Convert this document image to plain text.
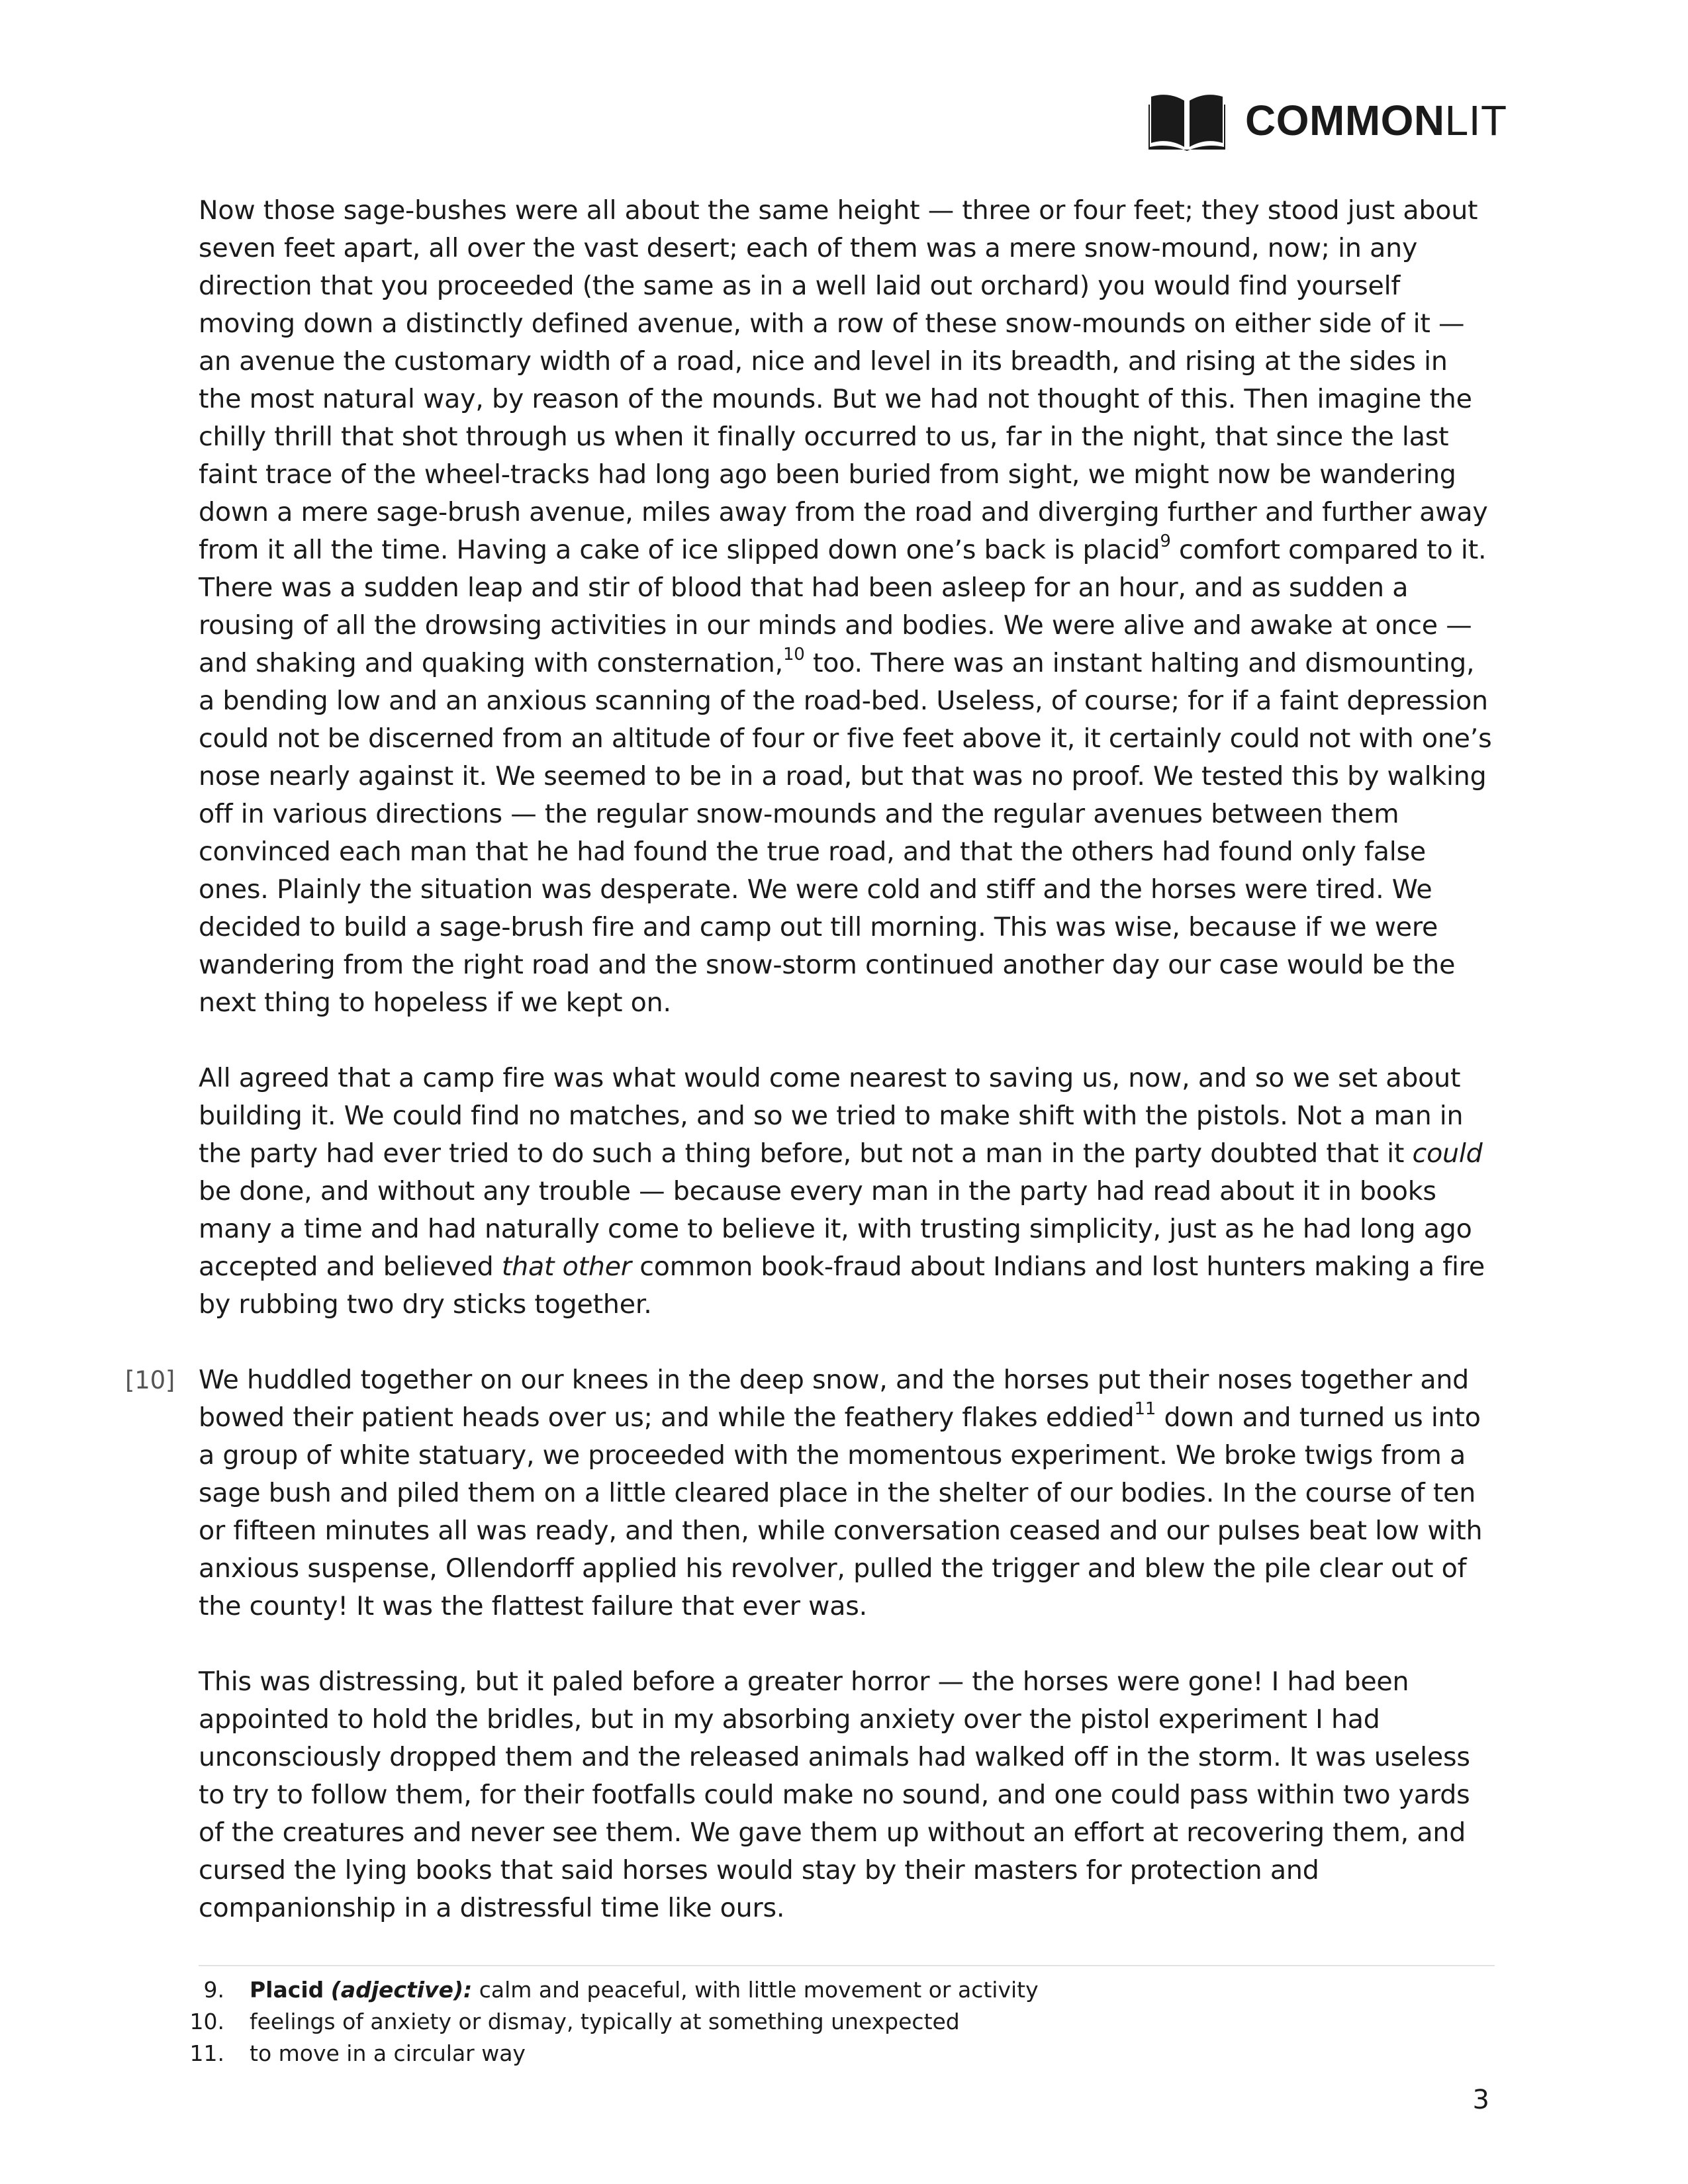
COMMONLIT

Now those sage-bushes were all about the same height — three or four feet; they stood just about seven feet apart, all over the vast desert; each of them was a mere snow-mound, now; in any direction that you proceeded (the same as in a well laid out orchard) you would find yourself moving down a distinctly defined avenue, with a row of these snow-mounds on either side of it — an avenue the customary width of a road, nice and level in its breadth, and rising at the sides in the most natural way, by reason of the mounds. But we had not thought of this. Then imagine the chilly thrill that shot through us when it finally occurred to us, far in the night, that since the last faint trace of the wheel-tracks had long ago been buried from sight, we might now be wandering down a mere sage-brush avenue, miles away from the road and diverging further and further away from it all the time. Having a cake of ice slipped down one’s back is placid$^9$ comfort compared to it. There was a sudden leap and stir of blood that had been asleep for an hour, and as sudden a rousing of all the drowsing activities in our minds and bodies. We were alive and awake at once — and shaking and quaking with consternation,$^{10}$ too. There was an instant halting and dismounting, a bending low and an anxious scanning of the road-bed. Useless, of course; for if a faint depression could not be discerned from an altitude of four or five feet above it, it certainly could not with one’s nose nearly against it. We seemed to be in a road, but that was no proof. We tested this by walking off in various directions — the regular snow-mounds and the regular avenues between them convinced each man that he had found the true road, and that the others had found only false ones. Plainly the situation was desperate. We were cold and stiff and the horses were tired. We decided to build a sage-brush fire and camp out till morning. This was wise, because if we were wandering from the right road and the snow-storm continued another day our case would be the next thing to hopeless if we kept on.

All agreed that a camp fire was what would come nearest to saving us, now, and so we set about building it. We could find no matches, and so we tried to make shift with the pistols. Not a man in the party had ever tried to do such a thing before, but not a man in the party doubted that it could be done, and without any trouble — because every man in the party had read about it in books many a time and had naturally come to believe it, with trusting simplicity, just as he had long ago accepted and believed that other common book-fraud about Indians and lost hunters making a fire by rubbing two dry sticks together.

[10] We huddled together on our knees in the deep snow, and the horses put their noses together and bowed their patient heads over us; and while the feathery flakes eddied$^{11}$ down and turned us into a group of white statuary, we proceeded with the momentous experiment. We broke twigs from a sage bush and piled them on a little cleared place in the shelter of our bodies. In the course of ten or fifteen minutes all was ready, and then, while conversation ceased and our pulses beat low with anxious suspense, Ollendorff applied his revolver, pulled the trigger and blew the pile clear out of the county! It was the flattest failure that ever was.

This was distressing, but it paled before a greater horror — the horses were gone! I had been appointed to hold the bridles, but in my absorbing anxiety over the pistol experiment I had unconsciously dropped them and the released animals had walked off in the storm. It was useless to try to follow them, for their footfalls could make no sound, and one could pass within two yards of the creatures and never see them. We gave them up without an effort at recovering them, and cursed the lying books that said horses would stay by their masters for protection and companionship in a distressful time like ours.

9.	Placid (adjective): calm and peaceful, with little movement or activity
10.	feelings of anxiety or dismay, typically at something unexpected
11.	to move in a circular way
3
